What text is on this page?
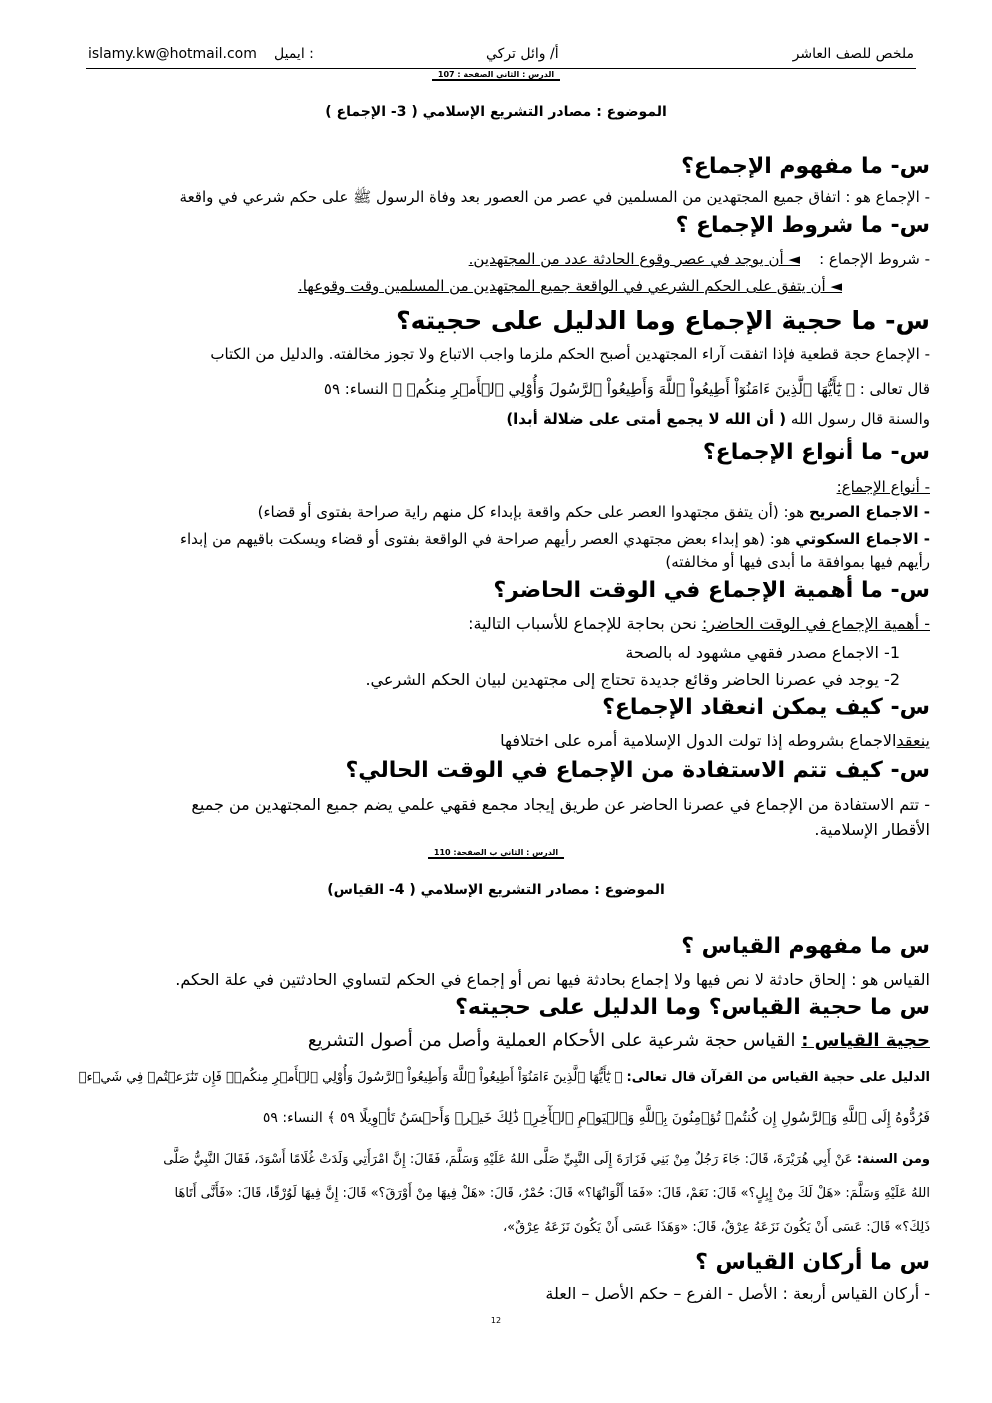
islamy.kw@hotmail.com ايميل :	أ/ وائل تركي	ملخص للصف العاشر
الدرس : الثاني الصفحة : 107
الموضوع : مصادر التشريع الإسلامي ( 3- الإجماع )
س- ما مفهوم الإجماع؟
- الإجماع هو : اتفاق جميع المجتهدين من المسلمين في عصر من العصور بعد وفاة الرسول ﷺ على حكم شرعي في واقعة
س- ما شروط الإجماع ؟
- شروط الإجماع :    ◄ أن يوجد في عصر وقوع الحادثة عدد من المجتهدين.
◄ أن يتفق على الحكم الشرعي في الواقعة جميع المجتهدين من المسلمين وقت وقوعها.
س- ما حجية الإجماع وما الدليل على حجيته؟
- الإجماع حجة قطعية فإذا اتفقت آراء المجتهدين أصبح الحكم ملزما واجب الاتباع ولا تجوز مخالفته. والدليل من الكتاب
قال تعالى : ﴿ يَٰٓأَيُّهَا ٱلَّذِينَ ءَامَنُوٓاْ أَطِيعُواْ ٱللَّهَ وَأَطِيعُواْ ٱلرَّسُولَ وَأُوْلِي ٱلۡأَمۡرِ مِنكُمۡ ﴾ النساء: ٥٩
والسنة قال رسول الله ( أن الله لا يجمع أمتى على ضلالة أبدا)
س- ما أنواع الإجماع؟
- أنواع الإجماع:
- الاجماع الصريح هو: (أن يتفق مجتهدوا العصر على حكم واقعة بإبداء كل منهم راية صراحة بفتوى أو قضاء)
- الاجماع السكوتي هو: (هو إبداء بعض مجتهدي العصر رأيهم صراحة في الواقعة بفتوى أو قضاء ويسكت باقيهم من إبداء
رأيهم فيها بموافقة ما أبدى فيها أو مخالفته)
س- ما أهمية الإجماع في الوقت الحاضر؟
- أهمية الإجماع في الوقت الحاضر: نحن بحاجة للإجماع للأسباب التالية:
1- الاجماع مصدر فقهي مشهود له بالصحة
2- يوجد في عصرنا الحاضر وقائع جديدة تحتاج إلى مجتهدين لبيان الحكم الشرعي.
س- كيف يمكن انعقاد الإجماع؟
ينعقدالاجماع بشروطه إذا تولت الدول الإسلامية أمره على اختلافها
س- كيف تتم الاستفادة من الإجماع في الوقت الحالي؟
- تتم الاستفادة من الإجماع في عصرنا الحاضر عن طريق إيجاد مجمع فقهي علمي يضم جميع المجتهدين من جميع
الأقطار الإسلامية.
الدرس : الثاني ب الصفحة: 110
الموضوع : مصادر التشريع الإسلامي ( 4- القياس)
س ما مفهوم القياس ؟
القياس هو : إلحاق حادثة لا نص فيها ولا إجماع بحادثة فيها نص أو إجماع في الحكم لتساوي الحادثتين في علة الحكم.
س ما حجية القياس؟ وما الدليل على حجيته؟
حجية القياس : القياس حجة شرعية على الأحكام العملية وأصل من أصول التشريع
الدليل على حجية القياس من القرآن قال تعالى: ﴿ يَٰٓأَيُّهَا ٱلَّذِينَ ءَامَنُوٓاْ أَطِيعُواْ ٱللَّهَ وَأَطِيعُواْ ٱلرَّسُولَ وَأُوْلِي ٱلۡأَمۡرِ مِنكُمۡۖ فَإِن تَنَٰزَعۡتُمۡ فِي شَيۡءٖ
فَرُدُّوهُ إِلَى ٱللَّهِ وَٱلرَّسُولِ إِن كُنتُمۡ تُؤۡمِنُونَ بِٱللَّهِ وَٱلۡيَوۡمِ ٱلۡأٓخِرِۚ ذَٰلِكَ خَيۡرٞ وَأَحۡسَنُ تَأۡوِيلًا ٥٩ ﴾ النساء: ٥٩
ومن السنة: عَنْ أَبِي هُرَيْرَةَ، قَالَ: جَاءَ رَجُلٌ مِنْ بَنِي فَزَارَةَ إِلَى النَّبِيِّ صَلَّى اللهُ عَلَيْهِ وَسَلَّمَ، فَقَالَ: إِنَّ امْرَأَتِي وَلَدَتْ غُلَامًا أَسْوَدَ، فَقَالَ النَّبِيُّ صَلَّى
اللهُ عَلَيْهِ وَسَلَّمَ: «هَلْ لَكَ مِنْ إِبِلٍ؟» قَالَ: نَعَمْ، قَالَ: «فَمَا أَلْوَانُهَا؟» قَالَ: حُمْرٌ، قَالَ: «هَلْ فِيهَا مِنْ أَوْرَقَ؟» قَالَ: إِنَّ فِيهَا لَوُرْقًا، قَالَ: «فَأَنَّى أَتَاهَا
ذَلِكَ؟» قَالَ: عَسَى أَنْ يَكُونَ نَزَعَهُ عِرْقٌ، قَالَ: «وَهَذَا عَسَى أَنْ يَكُونَ نَزَعَهُ عِرْقٌ»،
س ما أركان القياس ؟
- أركان القياس أربعة : الأصل - الفرع – حكم الأصل – العلة
12
